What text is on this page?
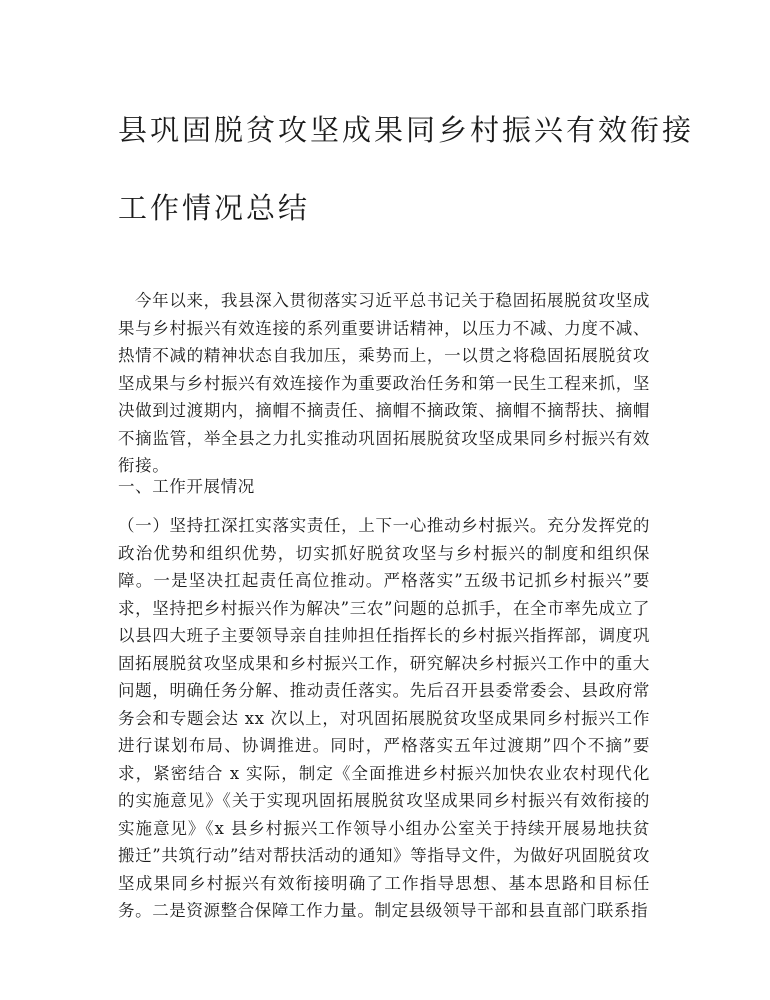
县巩固脱贫攻坚成果同乡村振兴有效衔接
工作情况总结

今年以来，我县深入贯彻落实习近平总书记关于稳固拓展脱贫攻坚成果与乡村振兴有效连接的系列重要讲话精神，以压力不减、力度不减、热情不减的精神状态自我加压，乘势而上，一以贯之将稳固拓展脱贫攻坚成果与乡村振兴有效连接作为重要政治任务和第一民生工程来抓，坚决做到过渡期内，摘帽不摘责任、摘帽不摘政策、摘帽不摘帮扶、摘帽不摘监管，举全县之力扎实推动巩固拓展脱贫攻坚成果同乡村振兴有效衔接。

一、工作开展情况

（一）坚持扛深扛实落实责任，上下一心推动乡村振兴。充分发挥党的政治优势和组织优势，切实抓好脱贫攻坚与乡村振兴的制度和组织保障。一是坚决扛起责任高位推动。严格落实”五级书记抓乡村振兴”要求，坚持把乡村振兴作为解决”三农”问题的总抓手，在全市率先成立了以县四大班子主要领导亲自挂帅担任指挥长的乡村振兴指挥部，调度巩固拓展脱贫攻坚成果和乡村振兴工作，研究解决乡村振兴工作中的重大问题，明确任务分解、推动责任落实。先后召开县委常委会、县政府常务会和专题会达 xx 次以上，对巩固拓展脱贫攻坚成果同乡村振兴工作进行谋划布局、协调推进。同时，严格落实五年过渡期”四个不摘”要求，紧密结合 x 实际，制定《全面推进乡村振兴加快农业农村现代化的实施意见》《关于实现巩固拓展脱贫攻坚成果同乡村振兴有效衔接的实施意见》《x 县乡村振兴工作领导小组办公室关于持续开展易地扶贫搬迁”共筑行动”结对帮扶活动的通知》等指导文件，为做好巩固脱贫攻坚成果同乡村振兴有效衔接明确了工作指导思想、基本思路和目标任务。二是资源整合保障工作力量。制定县级领导干部和县直部门联系指
